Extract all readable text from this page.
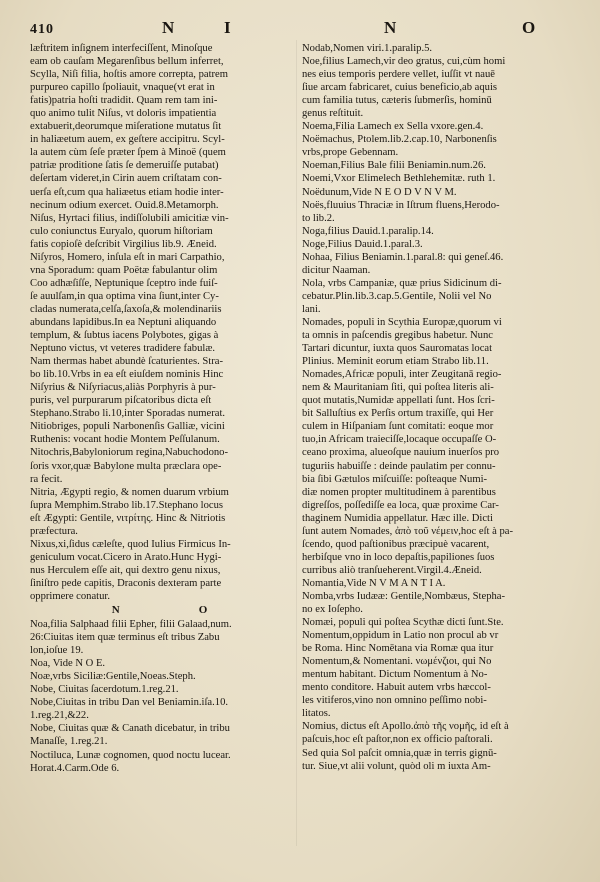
410	N	I	N	O

læftritem inſignem interfeciſſent, Minoſque

eam ob cauſam Megarenſibus bellum inferret,

Scylla, Niſi filia, hoſtis amore correpta, patrem

purpureo capillo ſpoliauit, vnaque(vt erat in

fatis)patria hoſti tradidit. Quam rem tam ini-

quo animo tulit Niſus, vt doloris impatientia

extabuerit,deorumque miſeratione mutatus ſit

in haliæetum auem, ex geſtere accipitru. Scyl-

la autem cùm ſeſe præter ſpem à Minoë (quem

patriæ proditione ſatis ſe demeruiſſe putabat)

deſertam videret,in Cirin auem criſtatam con-

uerſa eſt,cum qua haliæetus etiam hodie inter-

necinum odium exercet. Ouid.8.Metamorph.

Niſus, Hyrtaci filius, indiſſolubili amicitiæ vin-

culo coniunctus Euryalo, quorum hiſtoriam

fatis copioſè deſcribit Virgilius lib.9. Æneid.

Niſyros, Homero, inſula eſt in mari Carpathio,

vna Sporadum: quam Poëtæ fabulantur olim

Coo adhæſiſſe, Neptunique ſceptro inde fuiſ-

ſe auulſam,in qua optima vina ſiunt,inter Cy-

cladas numerata,celſa,ſaxoſa,& molendinariis

abundans lapidibus.In ea Neptuni aliquando

templum, & ſubtus iacens Polybotes, gigas à

Neptuno victus, vt veteres tradidere fabulæ.

Nam thermas habet abundè ſcaturientes. Stra-

bo lib.10.Vrbs in ea eſt eiuſdem nominis Hinc

Niſyrius & Niſyriacus,aliàs Porphyris à pur-

puris, vel purpurarum piſcatoribus dicta eſt

Stephano.Strabo li.10,inter Sporadas numerat.

Nitiobriges, populi Narbonenſis Galliæ, vicini

Ruthenis: vocant hodie Montem Peſſulanum.

Nitochris,Babyloniorum regina,Nabuchodono-

ſoris vxor,quæ Babylone multa præclara ope-

ra fecit.

Nitria, Ægypti regio, & nomen duarum vrbium

ſupra Memphim.Strabo lib.17.Stephano locus

eſt Ægypti: Gentile, νιτρίτης. Hinc & Nitriotis

præfectura.

Nixus,xi,ſidus cæleſte, quod Iulius Firmicus In-

geniculum vocat.Cicero in Arato.Hunc Hygi-

nus Herculem eſſe ait, qui dextro genu nixus,

ſiniſtro pede capitis, Draconis dexteram parte

opprimere conatur.

N	O

Noa,filia Salphaad filii Epher, filii Galaad,num.

26:Ciuitas item quæ terminus eſt tribus Zabu

lon,ioſue 19.

Noa, Vide N O E.

Noæ,vrbs Siciliæ:Gentile,Noeas.Steph.

Nobe, Ciuitas ſacerdotum.1.reg.21.

Nobe,Ciuitas in tribu Dan vel Beniamin.iſa.10.

1.reg.21,&22.

Nobe, Ciuitas quæ & Canath dicebatur, in tribu

Manaſſe, 1.reg.21.

Noctiluca, Lunæ cognomen, quod noctu lucear.

Horat.4.Carm.Ode 6.

Nodab,Nomen viri.1.paralip.5.

Noe,filius Lamech,vir deo gratus, cui,cùm homi

nes eius temporis perdere vellet, iuſſit vt nauē

ſiue arcam fabricaret, cuius beneficio,ab aquis

cum familia tutus, cæteris ſubmerſis, hominū

genus reſtituit.

Noema,Filia Lamech ex Sella vxore.gen.4.

Noëmachus, Ptolem.lib.2.cap.10, Narbonenſis

vrbs,prope Gebennam.

Noeman,Filius Bale filii Beniamin.num.26.

Noemi,Vxor Elimelech Bethlehemitæ. ruth 1.

Noëdunum,Vide N E O D V N V M.

Noës,fluuius Thraciæ in Iſtrum fluens,Herodo-

to lib.2.

Noga,filius Dauid.1.paralip.14.

Noge,Filius Dauid.1.paral.3.

Nohaa, Filius Beniamin.1.paral.8: qui geneſ.46.

dicitur Naaman.

Nola, vrbs Campaniæ, quæ prius Sidicinum di-

cebatur.Plin.lib.3.cap.5.Gentile, Nolii vel No

lani.

Nomades, populi in Scythia Europæ,quorum vi

ta omnis in paſcendis gregibus habetur. Nunc

Tartari dicuntur, iuxta quos Sauromatas locat

Plinius. Meminit eorum etiam Strabo lib.11.

Nomades,Africæ populi, inter Zeugitanā regio-

nem & Mauritaniam ſiti, qui poſtea literis ali-

quot mutatis,Numidæ appellati ſunt. Hos ſcri-

bit Salluſtius ex Perſis ortum traxiſſe, qui Her

culem in Hiſpaniam ſunt comitati: eoque mor

tuo,in Africam traieciſſe,locaque occupaſſe O-

ceano proxima, alueoſque nauium inuerſos pro

tuguriis habuiſſe : deinde paulatim per connu-

bia ſibi Gætulos miſcuiſſe: poſteaque Numi-

diæ nomen propter multitudinem à parentibus

digreſſos, poſſediſſe ea loca, quæ proxime Car-

thaginem Numidia appellatur. Hæc ille. Dicti

ſunt autem Nomades, ἀπὸ τοῦ νέμειν,hoc eſt à pa-

ſcendo, quod paſtionibus præcipuè vacarent,

herbiſque vno in loco depaſtis,papiliones ſuos

curribus aliò tranſueherent.Virgil.4.Æneid.

Nomantia,Vide N V M A N T I A.

Nomba,vrbs Iudææ: Gentile,Nombæus, Stepha-

no ex Ioſepho.

Nomæi, populi qui poſtea Scythæ dicti ſunt.Ste.

Nomentum,oppidum in Latio non procul ab vr

be Roma. Hinc Nomētana via Romæ qua itur

Nomentum,& Nomentani. νωμένζιοι, qui No

mentum habitant. Dictum Nomentum à No-

mento conditore. Habuit autem vrbs hæccol-

les vitiferos,vino non omnino peſſimo nobi-

litatos.

Nomius, dictus eſt Apollo.ἀπὸ τῆς νομῆς, id eſt à

paſcuis,hoc eſt paſtor,non ex officio paſtorali.

Sed quia Sol paſcit omnia,quæ in terris gignū-

tur. Siue,vt alii volunt, quòd oli m iuxta Am-
